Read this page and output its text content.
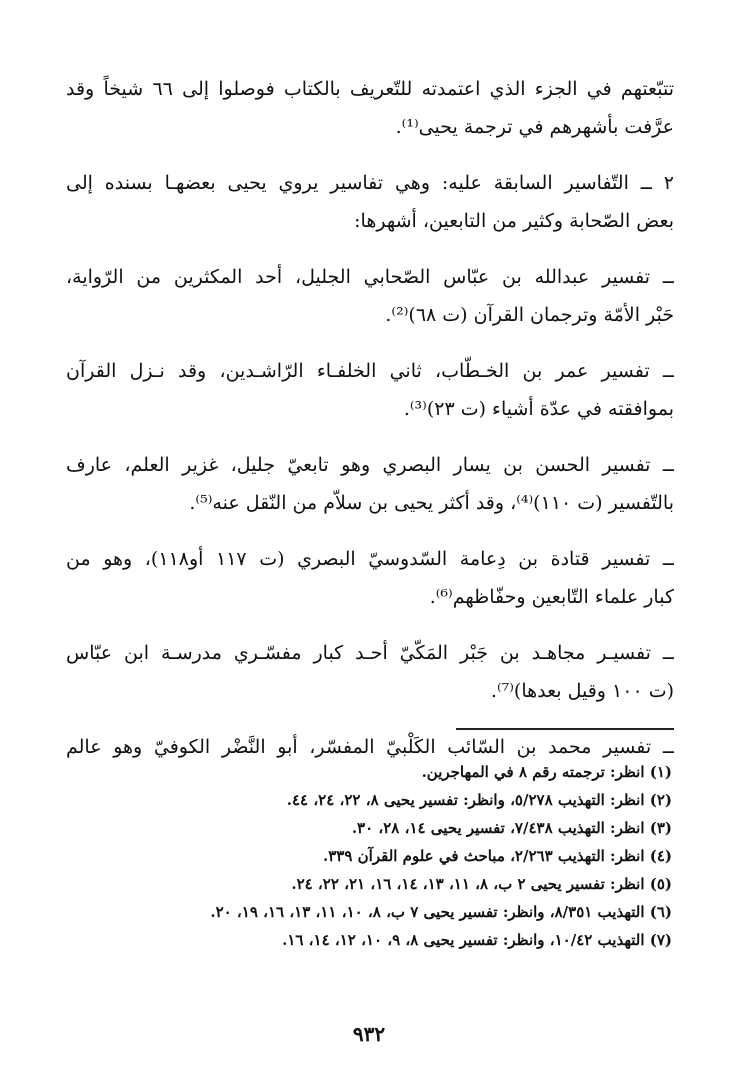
تتبّعتهم في الجزء الذي اعتمدته للتّعريف بالكتاب فوصلوا إلى ٦٦ شيخاً وقد
عرَّفت بأشهرهم في ترجمة يحيى⁽¹⁾.

٢ ــ التّفاسير السابقة عليه: وهي تفاسير يروي يحيى بعضهـا بسنده إلى
بعض الصّحابة وكثير من التابعين، أشهرها:

ــ تفسير عبدالله بن عبّاس الصّحابي الجليل، أحد المكثرين من الرّواية،
حَبْر الأمّة وترجمان القرآن (ت ٦٨)⁽²⁾.

ــ تفسير عمر بن الخـطّاب، ثاني الخلفـاء الرّاشـدين، وقد نـزل القرآن
بموافقته في عدّة أشياء (ت ٢٣)⁽³⁾.

ــ تفسير الحسن بن يسار البصري وهو تابعيّ جليل، غزير العلم، عارف
بالتّفسير (ت ١١٠)⁽⁴⁾، وقد أكثر يحيى بن سلاّم من النّقل عنه⁽⁵⁾.

ــ تفسير قتادة بن دِعامة السّدوسيّ البصري (ت ١١٧ أو١١٨)، وهو من
كبار علماء التّابعين وحفّاظهم⁽⁶⁾.

ــ تفسيـر مجاهـد بن جَبْر المَكّيّ أحـد كبار مفسّـري مدرسـة ابن عبّاس
(ت ١٠٠ وقيل بعدها)⁽⁷⁾.

ــ تفسير محمد بن السّائب الكَلْبيّ المفسّر، أبو النَّضْر الكوفيّ وهو عالم

(١) انظر: ترجمته رقم ٨ في المهاجرين.
(٢) انظر: التهذيب ٥/٢٧٨، وانظر: تفسير يحيى ٨، ٢٢، ٢٤، ٤٤.
(٣) انظر: التهذيب ٧/٤٣٨، تفسير يحيى ١٤، ٢٨، ٣٠.
(٤) انظر: التهذيب ٢/٢٦٣، مباحث في علوم القرآن ٣٣٩.
(٥) انظر: تفسير يحيى ٢ ب، ٨، ١١، ١٣، ١٤، ١٦، ٢١، ٢٢، ٢٤.
(٦) التهذيب ٨/٣٥١، وانظر: تفسير يحيى ٧ ب، ٨، ١٠، ١١، ١٣، ١٦، ١٩، ٢٠.
(٧) التهذيب ١٠/٤٢، وانظر: تفسير يحيى ٨، ٩، ١٠، ١٢، ١٤، ١٦.
٩٣٢
